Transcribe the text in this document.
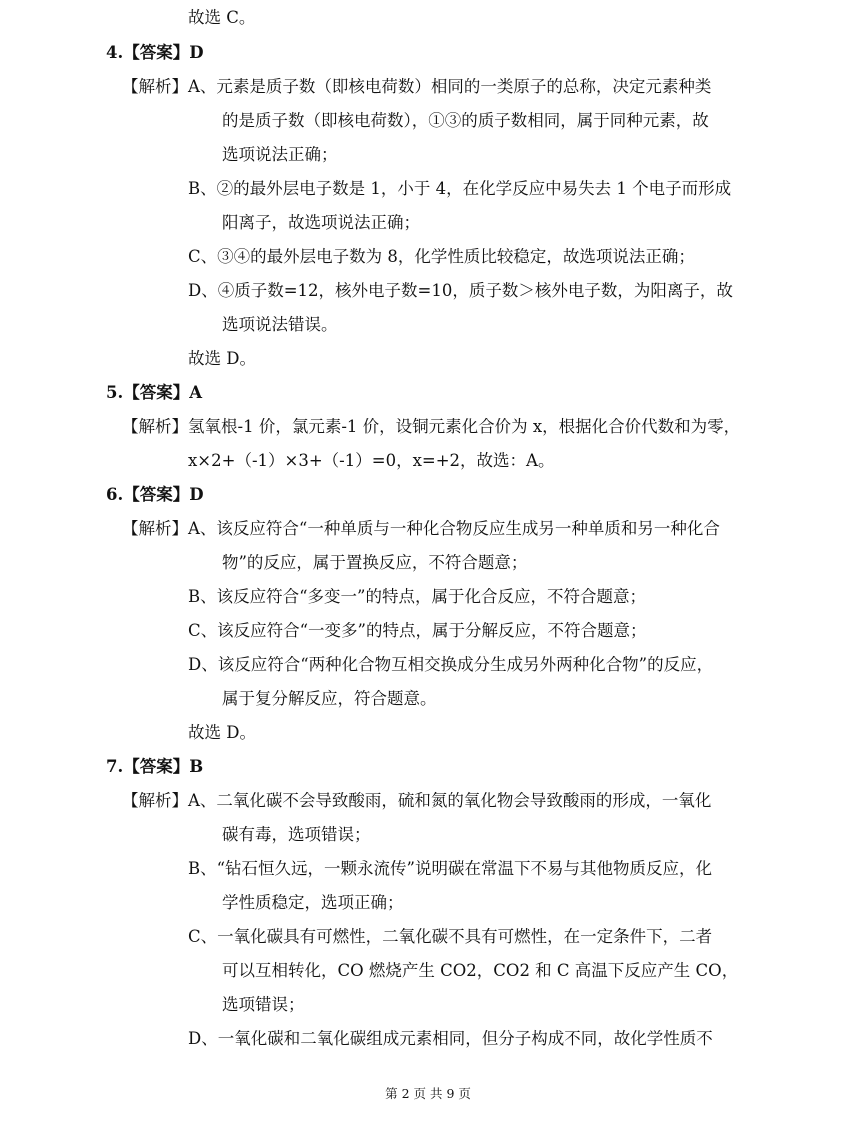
故选 C。
4.【答案】D
【解析】A、元素是质子数（即核电荷数）相同的一类原子的总称，决定元素种类
的是质子数（即核电荷数），①③的质子数相同，属于同种元素，故
选项说法正确；
B、②的最外层电子数是 1，小于 4，在化学反应中易失去 1 个电子而形成
阳离子，故选项说法正确；
C、③④的最外层电子数为 8，化学性质比较稳定，故选项说法正确；
D、④质子数=12，核外电子数=10，质子数＞核外电子数，为阳离子，故
选项说法错误。
故选 D。
5.【答案】A
【解析】氢氧根-1 价，氯元素-1 价，设铜元素化合价为 x，根据化合价代数和为零，
x×2+（-1）×3+（-1）=0，x=+2，故选：A。
6.【答案】D
【解析】A、该反应符合“一种单质与一种化合物反应生成另一种单质和另一种化合
物”的反应，属于置换反应，不符合题意；
B、该反应符合“多变一”的特点，属于化合反应，不符合题意；
C、该反应符合“一变多”的特点，属于分解反应，不符合题意；
D、该反应符合“两种化合物互相交换成分生成另外两种化合物”的反应，
属于复分解反应，符合题意。
故选 D。
7.【答案】B
【解析】A、二氧化碳不会导致酸雨，硫和氮的氧化物会导致酸雨的形成，一氧化
碳有毒，选项错误；
B、“钻石恒久远，一颗永流传”说明碳在常温下不易与其他物质反应，化
学性质稳定，选项正确；
C、一氧化碳具有可燃性，二氧化碳不具有可燃性，在一定条件下，二者
可以互相转化，CO 燃烧产生 CO2，CO2 和 C 高温下反应产生 CO，
选项错误；
D、一氧化碳和二氧化碳组成元素相同，但分子构成不同，故化学性质不
第 2 页 共 9 页
